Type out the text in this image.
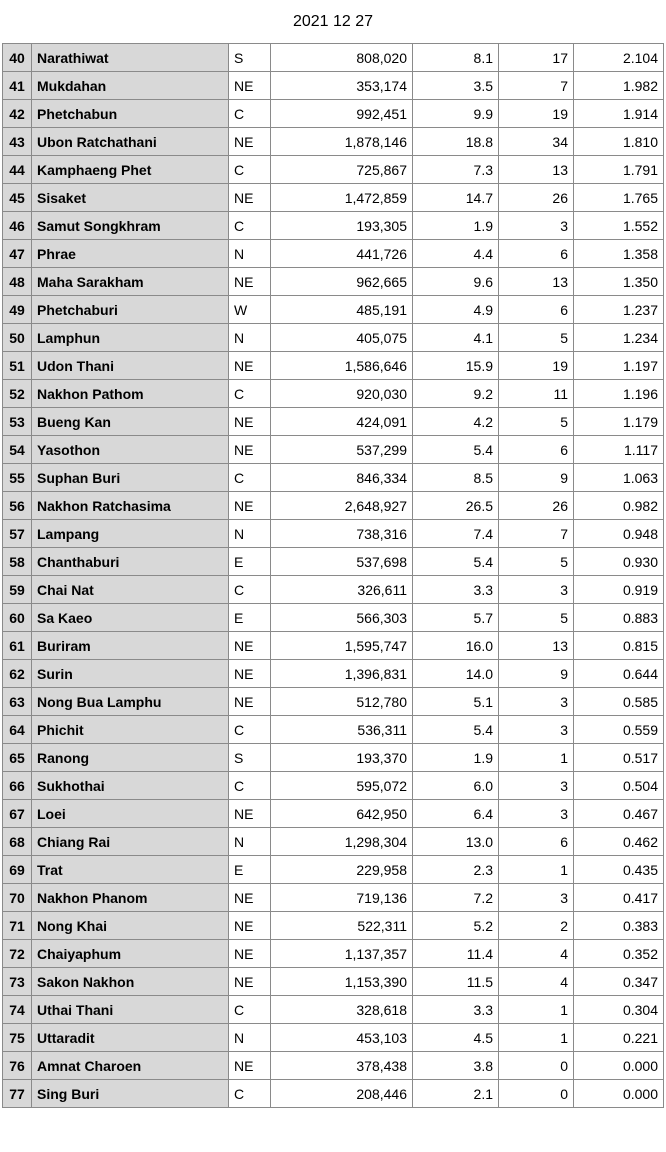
2021 12 27
40	Narathiwat	S	808,020	8.1	17	2.104
41	Mukdahan	NE	353,174	3.5	7	1.982
42	Phetchabun	C	992,451	9.9	19	1.914
43	Ubon Ratchathani	NE	1,878,146	18.8	34	1.810
44	Kamphaeng Phet	C	725,867	7.3	13	1.791
45	Sisaket	NE	1,472,859	14.7	26	1.765
46	Samut Songkhram	C	193,305	1.9	3	1.552
47	Phrae	N	441,726	4.4	6	1.358
48	Maha Sarakham	NE	962,665	9.6	13	1.350
49	Phetchaburi	W	485,191	4.9	6	1.237
50	Lamphun	N	405,075	4.1	5	1.234
51	Udon Thani	NE	1,586,646	15.9	19	1.197
52	Nakhon Pathom	C	920,030	9.2	11	1.196
53	Bueng Kan	NE	424,091	4.2	5	1.179
54	Yasothon	NE	537,299	5.4	6	1.117
55	Suphan Buri	C	846,334	8.5	9	1.063
56	Nakhon Ratchasima	NE	2,648,927	26.5	26	0.982
57	Lampang	N	738,316	7.4	7	0.948
58	Chanthaburi	E	537,698	5.4	5	0.930
59	Chai Nat	C	326,611	3.3	3	0.919
60	Sa Kaeo	E	566,303	5.7	5	0.883
61	Buriram	NE	1,595,747	16.0	13	0.815
62	Surin	NE	1,396,831	14.0	9	0.644
63	Nong Bua Lamphu	NE	512,780	5.1	3	0.585
64	Phichit	C	536,311	5.4	3	0.559
65	Ranong	S	193,370	1.9	1	0.517
66	Sukhothai	C	595,072	6.0	3	0.504
67	Loei	NE	642,950	6.4	3	0.467
68	Chiang Rai	N	1,298,304	13.0	6	0.462
69	Trat	E	229,958	2.3	1	0.435
70	Nakhon Phanom	NE	719,136	7.2	3	0.417
71	Nong Khai	NE	522,311	5.2	2	0.383
72	Chaiyaphum	NE	1,137,357	11.4	4	0.352
73	Sakon Nakhon	NE	1,153,390	11.5	4	0.347
74	Uthai Thani	C	328,618	3.3	1	0.304
75	Uttaradit	N	453,103	4.5	1	0.221
76	Amnat Charoen	NE	378,438	3.8	0	0.000
77	Sing Buri	C	208,446	2.1	0	0.000
